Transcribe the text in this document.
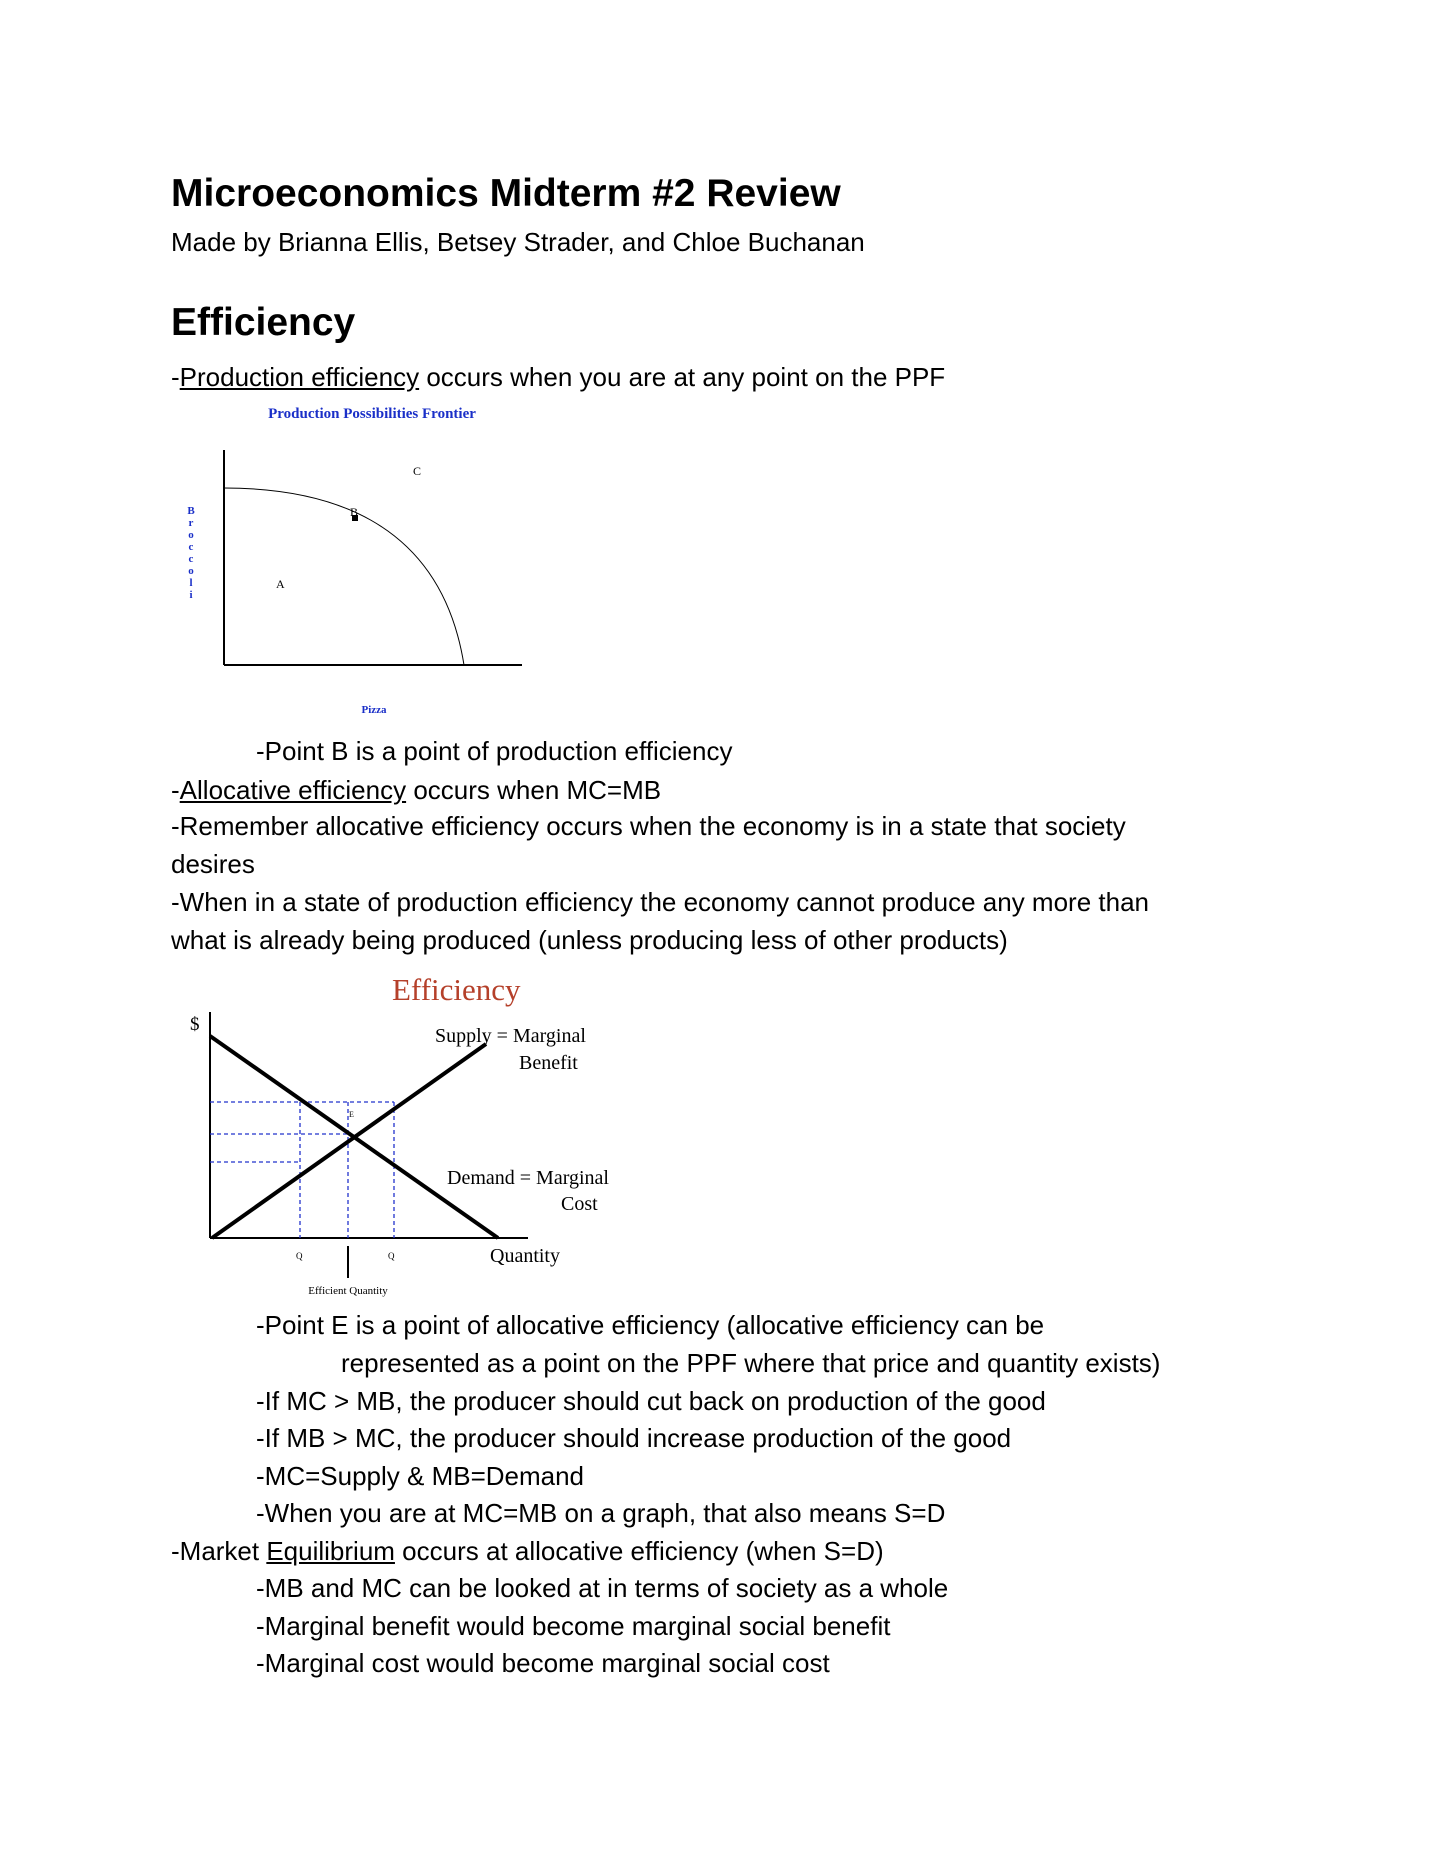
Microeconomics Midterm #2 Review
Made by Brianna Ellis, Betsey Strader, and Chloe Buchanan
Efficiency
-Production efficiency occurs when you are at any point on the PPF
Production Possibilities Frontier
B
r
o
c
c
o
l
i
B
C
A
Pizza
-Point B is a point of production efficiency
-Allocative efficiency occurs when MC=MB
-Remember allocative efficiency occurs when the economy is in a state that society
desires
-When in a state of production efficiency the economy cannot produce any more than
what is already being produced (unless producing less of other products)
Efficiency
$
E
Supply = Marginal
Benefit
Demand = Marginal
Cost
Quantity
Q	Q
Efficient Quantity
-Point E is a point of allocative efficiency (allocative efficiency can be
represented as a point on the PPF where that price and quantity exists)
-If MC > MB, the producer should cut back on production of the good
-If MB > MC, the producer should increase production of the good
-MC=Supply & MB=Demand
-When you are at MC=MB on a graph, that also means S=D
-Market Equilibrium occurs at allocative efficiency (when S=D)
-MB and MC can be looked at in terms of society as a whole
-Marginal benefit would become marginal social benefit
-Marginal cost would become marginal social cost
